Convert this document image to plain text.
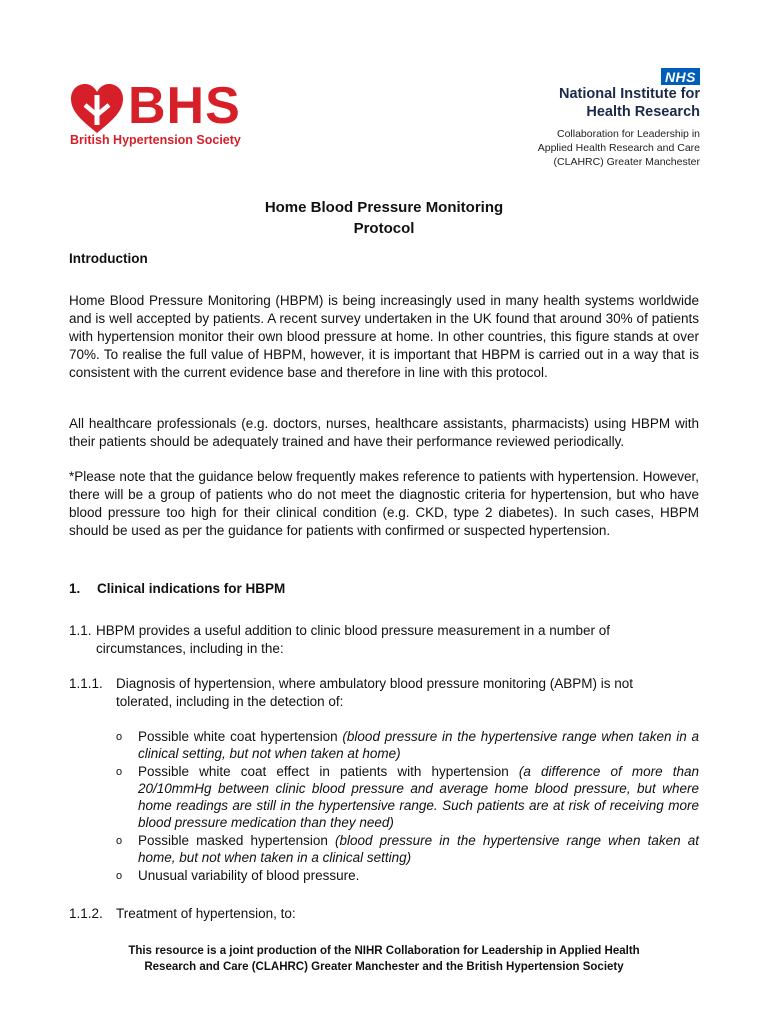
BHS
British Hypertension Society
NHS
National Institute for
Health Research
Collaboration for Leadership in
Applied Health Research and Care
(CLAHRC) Greater Manchester
Home Blood Pressure Monitoring
Protocol
Introduction

Home Blood Pressure Monitoring (HBPM) is being increasingly used in many health systems worldwide and is well accepted by patients. A recent survey undertaken in the UK found that around 30% of patients with hypertension monitor their own blood pressure at home. In other countries, this figure stands at over 70%. To realise the full value of HBPM, however, it is important that HBPM is carried out in a way that is consistent with the current evidence base and therefore in line with this protocol.

All healthcare professionals (e.g. doctors, nurses, healthcare assistants, pharmacists) using HBPM with their patients should be adequately trained and have their performance reviewed periodically.

*Please note that the guidance below frequently makes reference to patients with hypertension. However, there will be a group of patients who do not meet the diagnostic criteria for hypertension, but who have blood pressure too high for their clinical condition (e.g. CKD, type 2 diabetes). In such cases, HBPM should be used as per the guidance for patients with confirmed or suspected hypertension.

1. Clinical indications for HBPM
1.1. HBPM provides a useful addition to clinic blood pressure measurement in a number of
circumstances, including in the:
1.1.1. Diagnosis of hypertension, where ambulatory blood pressure monitoring (ABPM) is not
tolerated, including in the detection of:
o Possible white coat hypertension (blood pressure in the hypertensive range when taken in a clinical setting, but not when taken at home)
o Possible white coat effect in patients with hypertension (a difference of more than 20/10mmHg between clinic blood pressure and average home blood pressure, but where home readings are still in the hypertensive range. Such patients are at risk of receiving more blood pressure medication than they need)
o Possible masked hypertension (blood pressure in the hypertensive range when taken at home, but not when taken in a clinical setting)
o Unusual variability of blood pressure.
1.1.2. Treatment of hypertension, to:
This resource is a joint production of the NIHR Collaboration for Leadership in Applied Health
Research and Care (CLAHRC) Greater Manchester and the British Hypertension Society
